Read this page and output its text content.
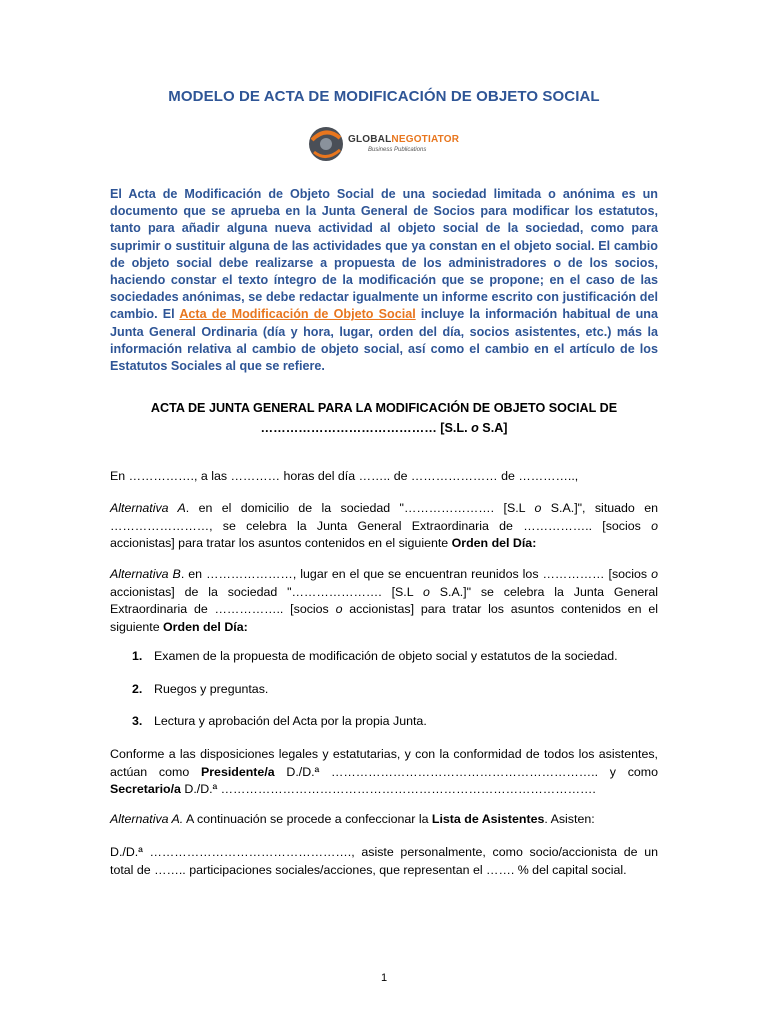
MODELO DE ACTA DE MODIFICACIÓN DE OBJETO SOCIAL
GLOBALNEGOTIATOR
Business Publications
El Acta de Modificación de Objeto Social de una sociedad limitada o anónima es un documento que se aprueba en la Junta General de Socios para modificar los estatutos, tanto para añadir alguna nueva actividad al objeto social de la sociedad, como para suprimir o sustituir alguna de las actividades que ya constan en el objeto social. El cambio de objeto social debe realizarse a propuesta de los administradores o de los socios, haciendo constar el texto íntegro de la modificación que se propone; en el caso de las sociedades anónimas, se debe redactar igualmente un informe escrito con justificación del cambio. El Acta de Modificación de Objeto Social incluye la información habitual de una Junta General Ordinaria (día y hora, lugar, orden del día, socios asistentes, etc.) más la información relativa al cambio de objeto social, así como el cambio en el artículo de los Estatutos Sociales al que se refiere.
ACTA DE JUNTA GENERAL PARA LA MODIFICACIÓN DE OBJETO SOCIAL DE
…………………………………… [S.L. o S.A]
En ……………., a las ………… horas del día …….. de ………………… de …………..,
Alternativa A. en el domicilio de la sociedad "…………………. [S.L o S.A.]", situado en ……………………, se celebra la Junta General Extraordinaria de …………….. [socios o accionistas] para tratar los asuntos contenidos en el siguiente Orden del Día:
Alternativa B. en …………………, lugar en el que se encuentran reunidos los …………… [socios o accionistas] de la sociedad "…………………. [S.L o S.A.]" se celebra la Junta General Extraordinaria de …………….. [socios o accionistas] para tratar los asuntos contenidos en el siguiente Orden del Día:
1. Examen de la propuesta de modificación de objeto social y estatutos de la sociedad.
2. Ruegos y preguntas.
3. Lectura y aprobación del Acta por la propia Junta.
Conforme a las disposiciones legales y estatutarias, y con la conformidad de todos los asistentes, actúan como Presidente/a D./D.ª ……………………………………………………….. y como Secretario/a D./D.ª ……………………………………………………………………………….
Alternativa A. A continuación se procede a confeccionar la Lista de Asistentes. Asisten:
D./D.ª …………………………………………., asiste personalmente, como socio/accionista de un total de …….. participaciones sociales/acciones, que representan el ……. % del capital social.
1
